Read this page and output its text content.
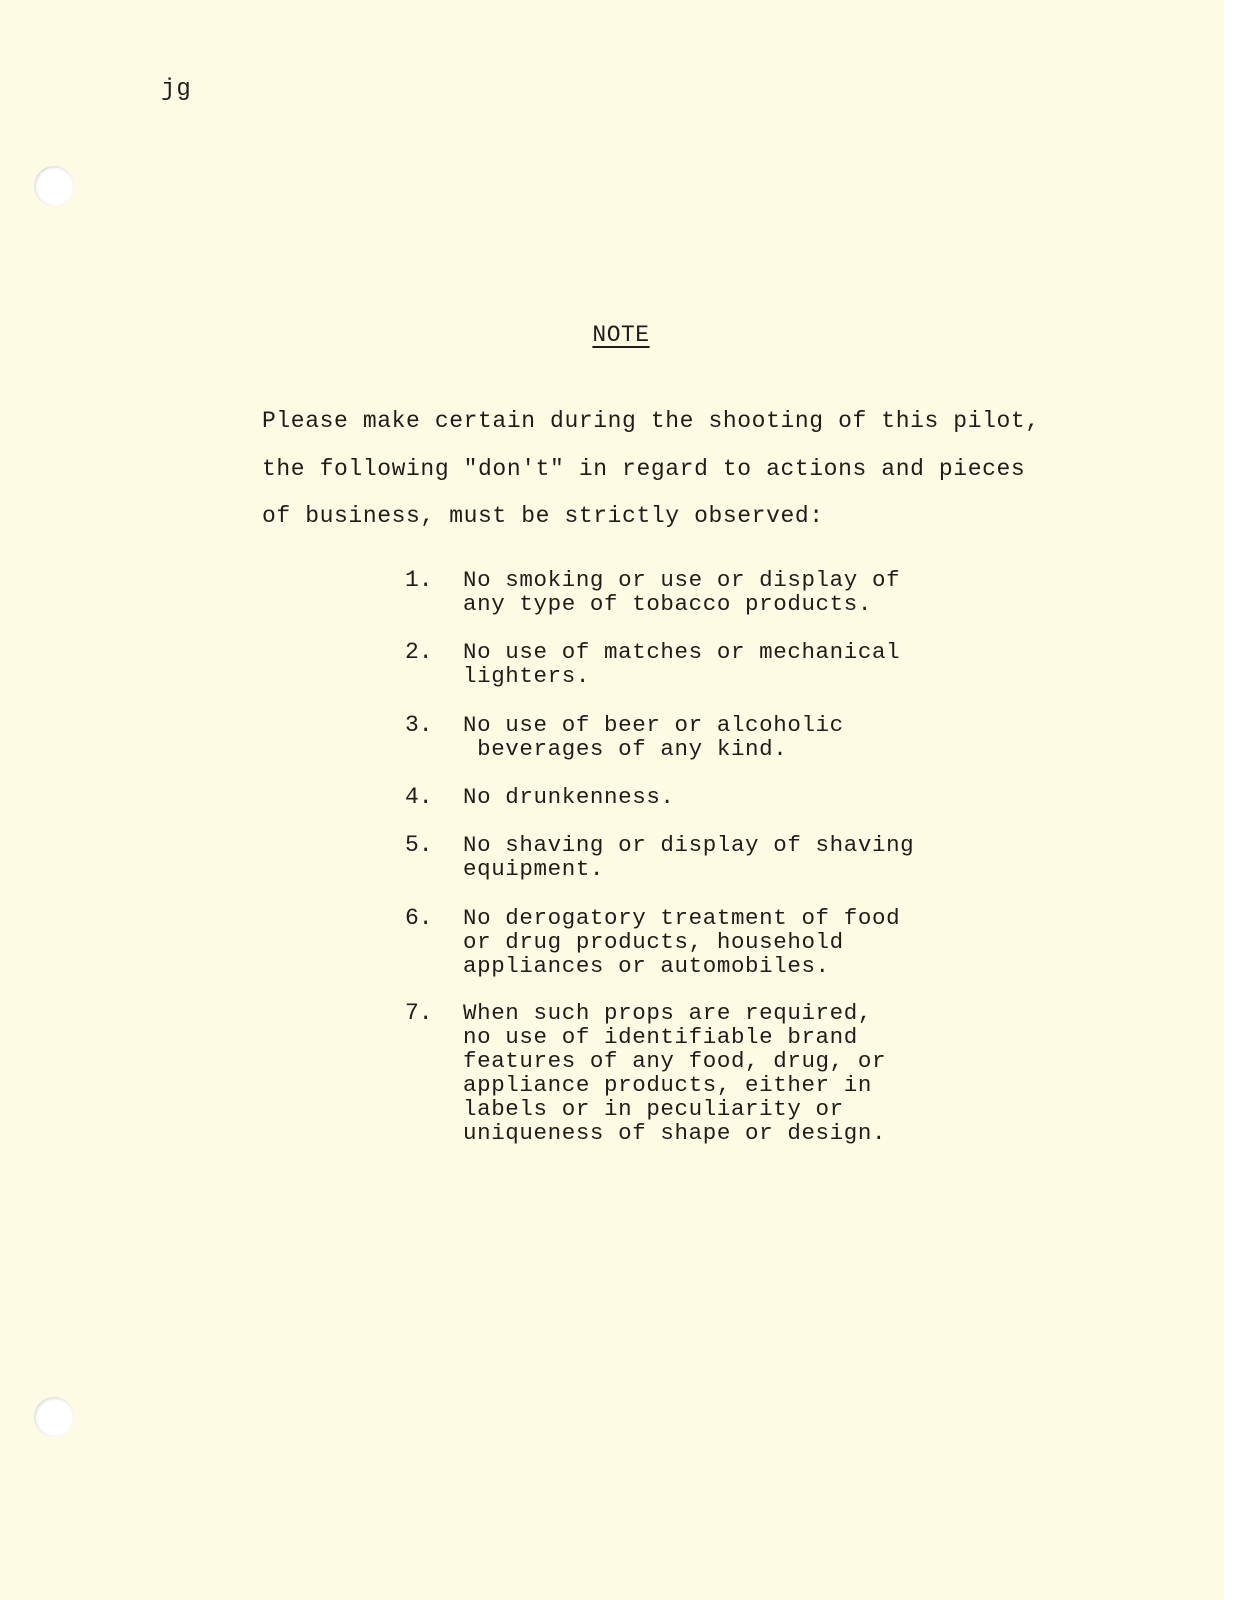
jg
NOTE
Please make certain during the shooting of this pilot,
the following "don't" in regard to actions and pieces
of business, must be strictly observed:
1.	No smoking or use or display of
any type of tobacco products.
2.	No use of matches or mechanical
lighters.
3.	No use of beer or alcoholic
beverages of any kind.
4.	No drunkenness.
5.	No shaving or display of shaving
equipment.
6.	No derogatory treatment of food
or drug products, household
appliances or automobiles.
7.	When such props are required,
no use of identifiable brand
features of any food, drug, or
appliance products, either in
labels or in peculiarity or
uniqueness of shape or design.
